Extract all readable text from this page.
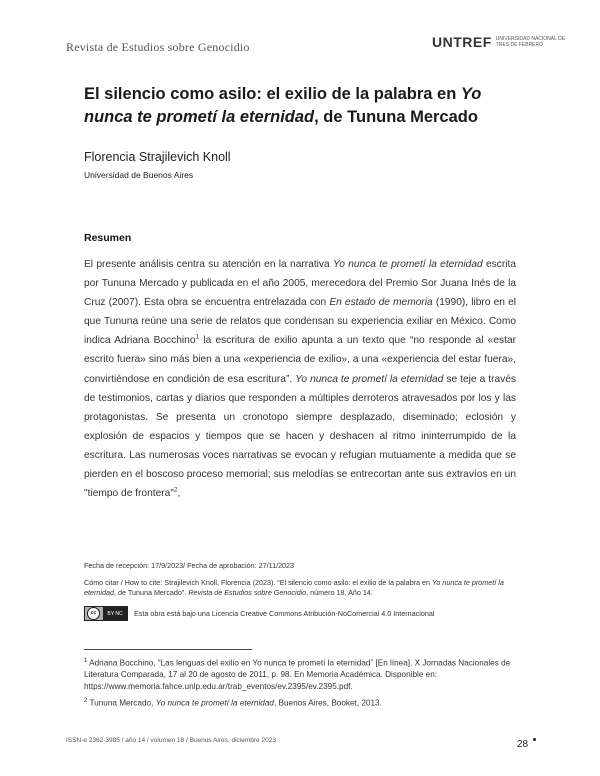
Revista de Estudios sobre Genocidio	UNTREF UNIVERSIDAD NACIONAL DE TRES DE FEBRERO
El silencio como asilo: el exilio de la palabra en Yo nunca te prometí la eternidad, de Tununa Mercado
Florencia Strajilevich Knoll
Universidad de Buenos Aires
Resumen

El presente análisis centra su atención en la narrativa Yo nunca te prometí la eternidad escrita por Tununa Mercado y publicada en el año 2005, merecedora del Premio Sor Juana Inés de la Cruz (2007). Esta obra se encuentra entrelazada con En estado de memoria (1990), libro en el que Tununa reúne una serie de relatos que condensan su experiencia exiliar en México. Como indica Adriana Bocchino$^1$ la escritura de exilio apunta a un texto que “no responde al «estar escrito fuera» sino más bien a una «experiencia de exilio», a una «experiencia del estar fuera», convirtiéndose en condición de esa escritura”. Yo nunca te prometí la eternidad se teje a través de testimonios, cartas y diarios que responden a múltiples derroteros atravesados por los y las protagonistas. Se presenta un cronotopo siempre desplazado, diseminado; eclosión y explosión de espacios y tiempos que se hacen y deshacen al ritmo ininterrumpido de la escritura. Las numerosas voces narrativas se evocan y refugian mutuamente a medida que se pierden en el boscoso proceso memorial; sus melodías se entrecortan ante sus extravíos en un "tiempo de frontera"$^2$,

Fecha de recepción: 17/9/2023/ Fecha de aprobación: 27/11/2023
Cómo citar / How to cite: Strajilevich Knoll, Florencia (2023). “El silencio como asilo: el exilio de la palabra en Yo nunca te prometí la eternidad, de Tununa Mercado”. Revista de Estudios sobre Genocidio, número 18, Año 14.
cc	BY NC	Esta obra está bajo una Licencia Creative Commons Atribución-NoComercial 4.0 Internacional

$^1$ Adriana Bocchino, “Las lenguas del exilio en Yo nunca te prometí la eternidad” [En línea]. X Jornadas Nacionales de Literatura Comparada, 17 al 20 de agosto de 2011, p. 98. En Memoria Académica. Disponible en: https://www.memoria.fahce.unlp.edu.ar/trab_eventos/ev.2395/ev.2395.pdf.

$^2$ Tununa Mercado, Yo nunca te prometí la eternidad, Buenos Aires, Booket, 2013.

ISSN-e 2362-3985 / año 14 / volumen 18 / Buenos Aires, diciembre 2023	28
